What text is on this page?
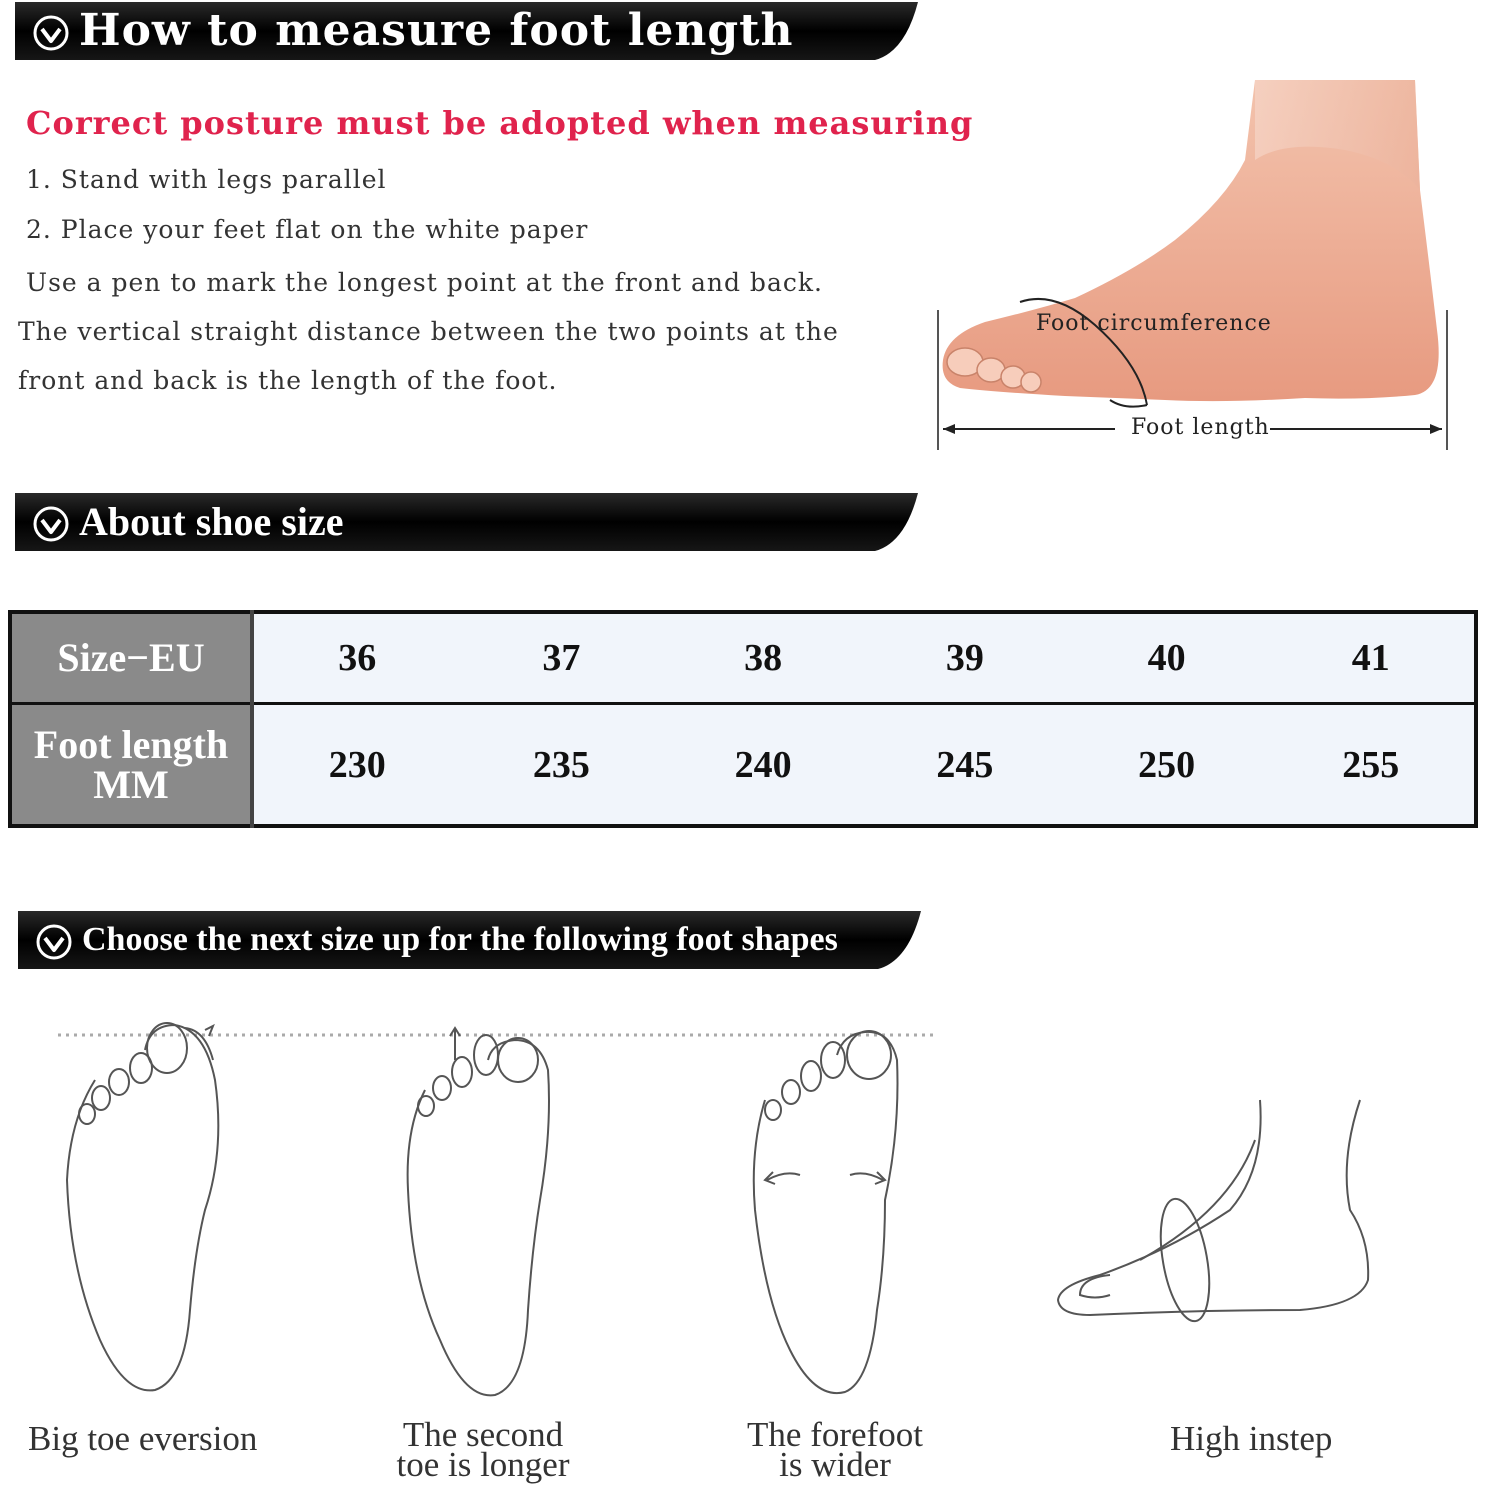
How to measure foot length
Correct posture must be adopted when measuring
1. Stand with legs parallel
2. Place your feet flat on the white paper
Use a pen to mark the longest point at the front and back. The vertical straight distance between the two points at the front and back is the length of the foot.
Foot circumference
Foot length
About shoe size
Size−EU	36	37	38	39	40	41

Foot length
MM	230	235	240	245	250	255
Choose the next size up for the following foot shapes
Big toe eversion	The second
toe is longer
The forefoot
is wider
High instep
